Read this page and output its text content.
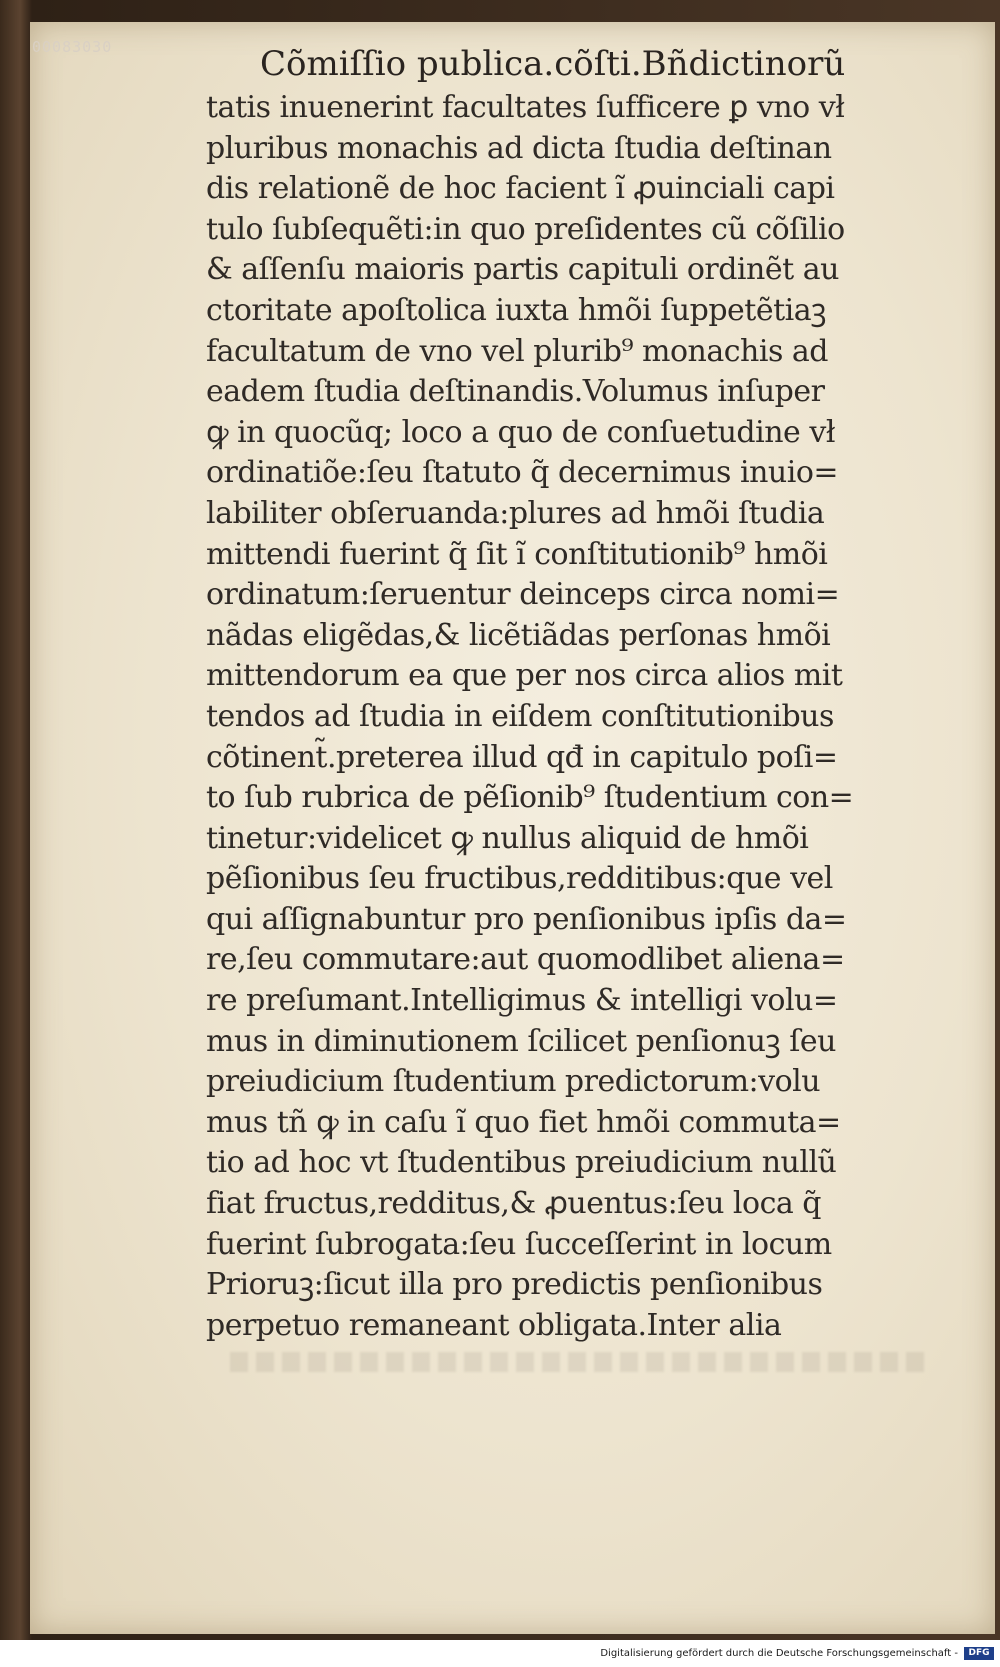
00083030	Cõmiſſio publica.cõſti.Bñdictinorũ
tatis inuenerint facultates ſufficere ꝑ vno vł
pluribus monachis ad dicta ſtudia deſtinan
dis relationẽ de hoc facient ĩ ꝓuinciali capi
tulo ſubſequẽti:in quo preſidentes cũ cõſilio
& aſſenſu maioris partis capituli ordinẽt au
ctoritate apoſtolica iuxta hmõi ſuppetẽtiaꝫ
facultatum de vno vel plurib⁹ monachis ad
eadem ſtudia deſtinandis.Volumus inſuper
ꝙ in quocũq; loco a quo de conſuetudine vł
ordinatiõe:ſeu ſtatuto q̃ decernimus inuio=
labiliter obſeruanda:plures ad hmõi ſtudia
mittendi fuerint q̃ ſit ĩ conſtitutionib⁹ hmõi
ordinatum:ſeruentur deinceps circa nomi=
nãdas eligẽdas,& licẽtiãdas perſonas hmõi
mittendorum ea que per nos circa alios mit
tendos ad ſtudia in eiſdem conſtitutionibus
cõtinent̃.preterea illud qđ in capitulo poſi=
to ſub rubrica de pẽſionib⁹ ſtudentium con=
tinetur:videlicet ꝙ nullus aliquid de hmõi
pẽſionibus ſeu fructibus,redditibus:que vel
qui aſſignabuntur pro penſionibus ipſis da=
re,ſeu commutare:aut quomodlibet aliena=
re preſumant.Intelligimus & intelligi volu=
mus in diminutionem ſcilicet penſionuꝫ ſeu
preiudicium ſtudentium predictorum:volu
mus tñ ꝙ in caſu ĩ quo fiet hmõi commuta=
tio ad hoc vt ſtudentibus preiudicium nullũ
fiat fructus,redditus,& ꝓuentus:ſeu loca q̃
fuerint ſubrogata:ſeu ſucceſſerint in locum
Prioruꝫ:ſicut illa pro predictis penſionibus
perpetuo remaneant obligata.Inter alia
Digitalisierung gefördert durch die Deutsche Forschungsgemeinschaft -	DFG
